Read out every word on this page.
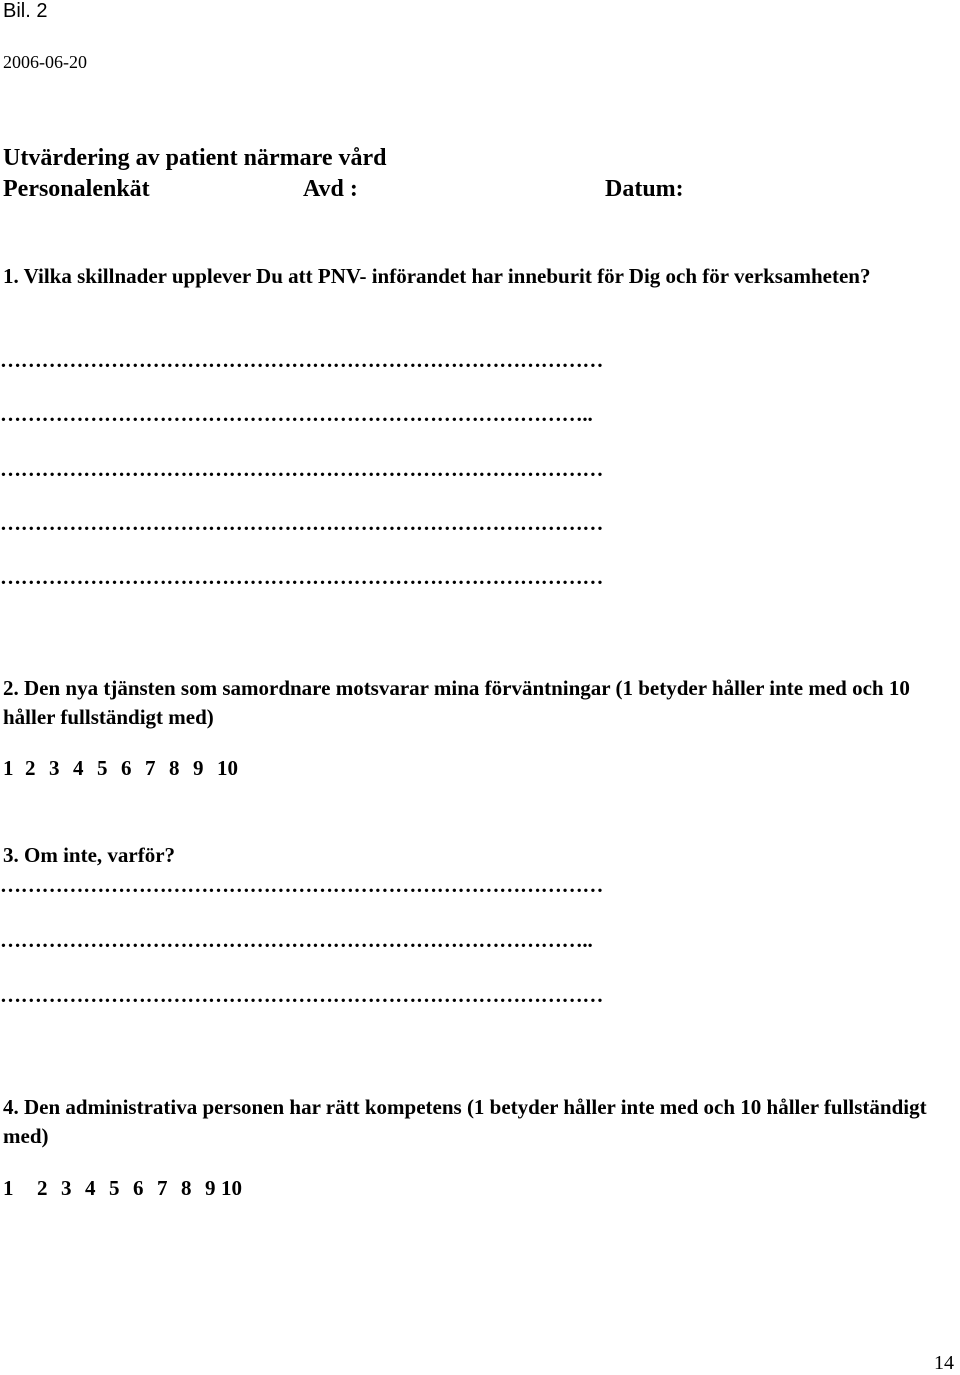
Bil. 2
2006-06-20
Utvärdering av patient närmare vård
Personalenkät	Avd :	Datum:
1. Vilka skillnader upplever Du att PNV- införandet har inneburit för Dig och för verksamheten?
……………………………………………………………………………
…………………………………………………………………………..
……………………………………………………………………………
……………………………………………………………………………
……………………………………………………………………………
2. Den nya tjänsten som samordnare motsvarar mina förväntningar (1 betyder håller inte med och 10 håller fullständigt med)
1 2 3 4 5 6 7 8 9 10
3. Om inte, varför?
……………………………………………………………………………
…………………………………………………………………………..
……………………………………………………………………………
4. Den administrativa personen har rätt kompetens (1 betyder håller inte med och 10 håller fullständigt med)
1 2 3 4 5 6 7 8 9 10
14
